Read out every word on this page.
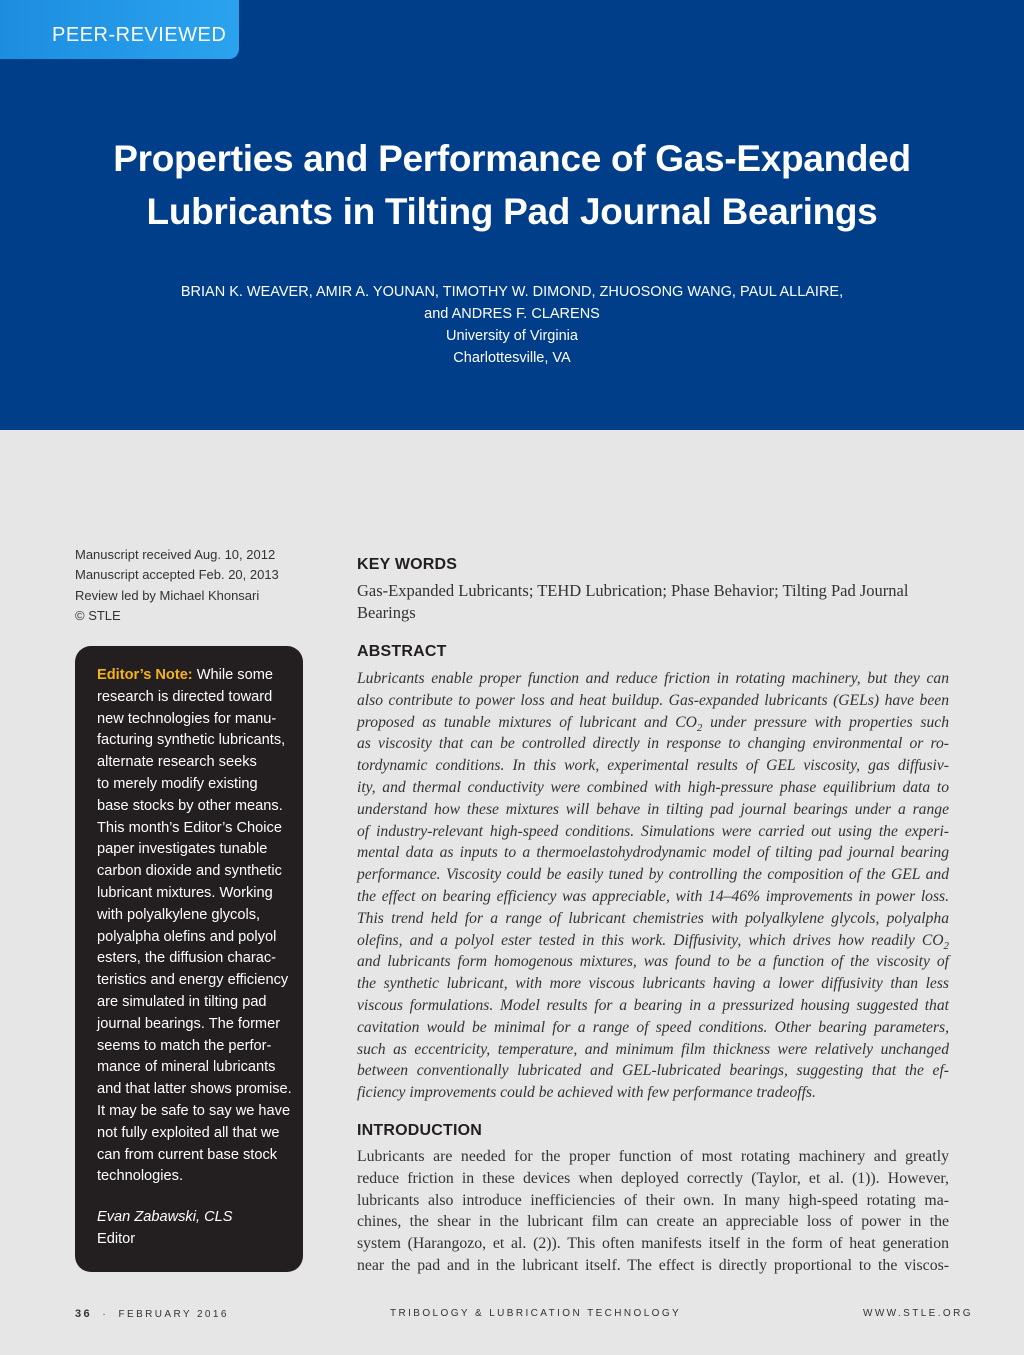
PEER-REVIEWED
Properties and Performance of Gas-Expanded
Lubricants in Tilting Pad Journal Bearings
BRIAN K. WEAVER, AMIR A. YOUNAN, TIMOTHY W. DIMOND, ZHUOSONG WANG, PAUL ALLAIRE,
and ANDRES F. CLARENS
University of Virginia
Charlottesville, VA
Manuscript received Aug. 10, 2012
Manuscript accepted Feb. 20, 2013
Review led by Michael Khonsari
© STLE
Editor’s Note: While some
research is directed toward
new technologies for manu-
facturing synthetic lubricants,
alternate research seeks
to merely modify existing
base stocks by other means.
This month’s Editor’s Choice
paper investigates tunable
carbon dioxide and synthetic
lubricant mixtures. Working
with polyalkylene glycols,
polyalpha olefins and polyol
esters, the diffusion charac-
teristics and energy efficiency
are simulated in tilting pad
journal bearings. The former
seems to match the perfor-
mance of mineral lubricants
and that latter shows promise.
It may be safe to say we have
not fully exploited all that we
can from current base stock
technologies.
Evan Zabawski, CLS
Editor
KEY WORDS
Gas-Expanded Lubricants; TEHD Lubrication; Phase Behavior; Tilting Pad Journal
Bearings
ABSTRACT
Lubricants enable proper function and reduce friction in rotating machinery, but they can
also contribute to power loss and heat buildup. Gas-expanded lubricants (GELs) have been
proposed as tunable mixtures of lubricant and $CO_2$ under pressure with properties such
as viscosity that can be controlled directly in response to changing environmental or ro-
tordynamic conditions. In this work, experimental results of GEL viscosity, gas diffusiv-
ity, and thermal conductivity were combined with high-pressure phase equilibrium data to
understand how these mixtures will behave in tilting pad journal bearings under a range
of industry-relevant high-speed conditions. Simulations were carried out using the experi-
mental data as inputs to a thermoelastohydrodynamic model of tilting pad journal bearing
performance. Viscosity could be easily tuned by controlling the composition of the GEL and
the effect on bearing efficiency was appreciable, with 14–46% improvements in power loss.
This trend held for a range of lubricant chemistries with polyalkylene glycols, polyalpha
olefins, and a polyol ester tested in this work. Diffusivity, which drives how readily $CO_2$
and lubricants form homogenous mixtures, was found to be a function of the viscosity of
the synthetic lubricant, with more viscous lubricants having a lower diffusivity than less
viscous formulations. Model results for a bearing in a pressurized housing suggested that
cavitation would be minimal for a range of speed conditions. Other bearing parameters,
such as eccentricity, temperature, and minimum film thickness were relatively unchanged
between conventionally lubricated and GEL-lubricated bearings, suggesting that the ef-
ficiency improvements could be achieved with few performance tradeoffs.
INTRODUCTION
Lubricants are needed for the proper function of most rotating machinery and greatly
reduce friction in these devices when deployed correctly (Taylor, et al. (1)). However,
lubricants also introduce inefficiencies of their own. In many high-speed rotating ma-
chines, the shear in the lubricant film can create an appreciable loss of power in the
system (Harangozo, et al. (2)). This often manifests itself in the form of heat generation
near the pad and in the lubricant itself. The effect is directly proportional to the viscos-
36 · FEBRUARY 2016	TRIBOLOGY & LUBRICATION TECHNOLOGY	WWW.STLE.ORG
